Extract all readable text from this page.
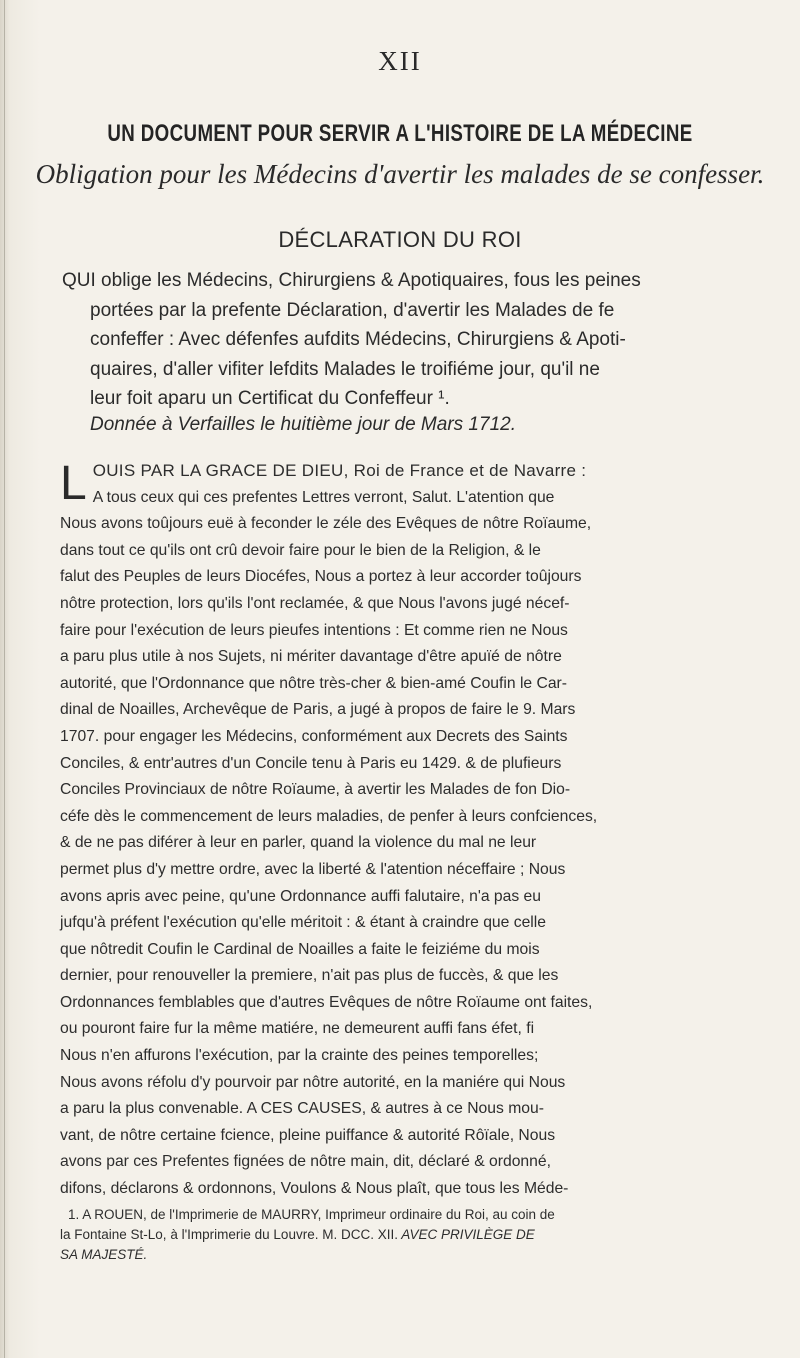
XII
UN DOCUMENT POUR SERVIR A L'HISTOIRE DE LA MÉDECINE
Obligation pour les Médecins d'avertir les malades de se confesser.
DÉCLARATION DU ROI
QUI oblige les Médecins, Chirurgiens & Apotiquaires, fous les peines
portées par la prefente Déclaration, d'avertir les Malades de fe
confeffer : Avec défenfes aufdits Médecins, Chirurgiens & Apoti-
quaires, d'aller vifiter lefdits Malades le troifiéme jour, qu'il ne
leur foit aparu un Certificat du Confeffeur ¹.
Donnée à Verfailles le huitième jour de Mars 1712.
L OUIS PAR LA GRACE DE DIEU, Roi de France et de Navarre :
A tous ceux qui ces prefentes Lettres verront, Salut. L'atention que
Nous avons toûjours euë à feconder le zéle des Evêques de nôtre Roïaume,
dans tout ce qu'ils ont crû devoir faire pour le bien de la Religion, & le
falut des Peuples de leurs Diocéfes, Nous a portez à leur accorder toûjours
nôtre protection, lors qu'ils l'ont reclamée, & que Nous l'avons jugé nécef-
faire pour l'exécution de leurs pieufes intentions : Et comme rien ne Nous
a paru plus utile à nos Sujets, ni mériter davantage d'être apuïé de nôtre
autorité, que l'Ordonnance que nôtre très-cher & bien-amé Coufin le Car-
dinal de Noailles, Archevêque de Paris, a jugé à propos de faire le 9. Mars
1707. pour engager les Médecins, conformément aux Decrets des Saints
Conciles, & entr'autres d'un Concile tenu à Paris eu 1429. & de plufieurs
Conciles Provinciaux de nôtre Roïaume, à avertir les Malades de fon Dio-
céfe dès le commencement de leurs maladies, de penfer à leurs confciences,
& de ne pas diférer à leur en parler, quand la violence du mal ne leur
permet plus d'y mettre ordre, avec la liberté & l'atention néceffaire ; Nous
avons apris avec peine, qu'une Ordonnance auffi falutaire, n'a pas eu
jufqu'à préfent l'exécution qu'elle méritoit : & étant à craindre que celle
que nôtredit Coufin le Cardinal de Noailles a faite le feiziéme du mois
dernier, pour renouveller la premiere, n'ait pas plus de fuccès, & que les
Ordonnances femblables que d'autres Evêques de nôtre Roïaume ont faites,
ou pouront faire fur la même matiére, ne demeurent auffi fans éfet, fi
Nous n'en affurons l'exécution, par la crainte des peines temporelles;
Nous avons réfolu d'y pourvoir par nôtre autorité, en la maniére qui Nous
a paru la plus convenable. A CES CAUSES, & autres à ce Nous mou-
vant, de nôtre certaine fcience, pleine puiffance & autorité Rôïale, Nous
avons par ces Prefentes fignées de nôtre main, dit, déclaré & ordonné,
difons, déclarons & ordonnons, Voulons & Nous plaît, que tous les Méde-
1. A ROUEN, de l'Imprimerie de MAURRY, Imprimeur ordinaire du Roi, au coin de
la Fontaine St-Lo, à l'Imprimerie du Louvre. M. DCC. XII. AVEC PRIVILÈGE DE
SA MAJESTÉ.
